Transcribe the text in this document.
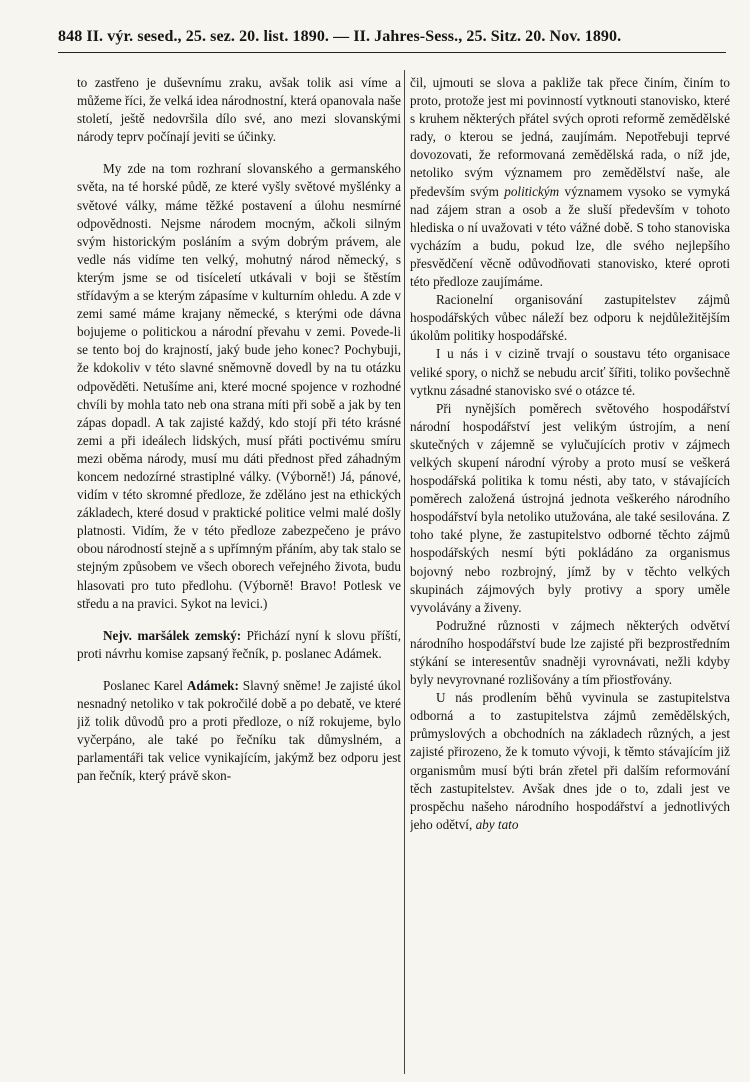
848 II. výr. sesed., 25. sez. 20. list. 1890. — II. Jahres-Sess., 25. Sitz. 20. Nov. 1890.

to zastřeno je duševnímu zraku, avšak tolik asi víme a můžeme říci, že velká idea národnostní, která opanovala naše století, ještě nedovršila dílo své, ano mezi slovanskými národy teprv počínají jeviti se účinky.

My zde na tom rozhraní slovanského a germanského světa, na té horské půdě, ze které vyšly světové myšlénky a světové války, máme těžké postavení a úlohu nesmírné odpovědnosti. Nejsme národem mocným, ačkoli silným svým historickým posláním a svým dobrým právem, ale vedle nás vidíme ten velký, mohutný národ německý, s kterým jsme se od tisíceletí utkávali v boji se štěstím střídavým a se kterým zápasíme v kulturním ohledu. A zde v zemi samé máme krajany německé, s kterými ode dávna bojujeme o politickou a národní převahu v zemi. Povede-li se tento boj do krajností, jaký bude jeho konec? Pochybuji, že kdokoliv v této slavné sněmovně dovedl by na tu otázku odpověděti. Netušíme ani, které mocné spojence v rozhodné chvíli by mohla tato neb ona strana míti při sobě a jak by ten zápas dopadl. A tak zajisté každý, kdo stojí při této krásné zemi a při ideálech lidských, musí přáti poctivému smíru mezi oběma národy, musí mu dáti přednost před záhadným koncem nedozírné strastiplné války. (Výborně!) Já, pánové, vidím v této skromné předloze, že zděláno jest na ethických základech, které dosud v praktické politice velmi malé došly platnosti. Vidím, že v této předloze zabezpečeno je právo obou národností stejně a s upřímným přáním, aby tak stalo se stejným způsobem ve všech oborech veřejného života, budu hlasovati pro tuto předlohu. (Výborně! Bravo! Potlesk ve středu a na pravici. Sykot na levici.)

Nejv. maršálek zemský: Přichází nyní k slovu příští, proti návrhu komise zapsaný řečník, p. poslanec Adámek.

Poslanec Karel Adámek: Slavný sněme! Je zajisté úkol nesnadný netoliko v tak pokročilé době a po debatě, ve které již tolik důvodů pro a proti předloze, o níž rokujeme, bylo vyčerpáno, ale také po řečníku tak důmyslném, a parlamentáři tak velice vynikajícím, jakýmž bez odporu jest pan řečník, který právě skon-

čil, ujmouti se slova a pakliže tak přece činím, činím to proto, protože jest mi povinností vytknouti stanovisko, které s kruhem některých přátel svých oproti reformě zemědělské rady, o kterou se jedná, zaujímám. Nepotřebuji teprvé dovozovati, že reformovaná zemědělská rada, o níž jde, netoliko svým významem pro zemědělství naše, ale především svým politickým významem vysoko se vymyká nad zájem stran a osob a že sluší především v tohoto hlediska o ní uvažovati v této vážné době. S toho stanoviska vycházím a budu, pokud lze, dle svého nejlepšího přesvědčení věcně odůvodňovati stanovisko, které oproti této předloze zaujímáme.

Racionelní organisování zastupitelstev zájmů hospodářských vůbec náleží bez odporu k nejdůležitějším úkolům politiky hospodářské.

I u nás i v cizině trvají o soustavu této organisace veliké spory, o nichž se nebudu arciť šířiti, toliko povšechně vytknu zásadné stanovisko své o otázce té.

Při nynějších poměrech světového hospodářství národní hospodářství jest velikým ústrojím, a není skutečných v zájemně se vylučujících protiv v zájmech velkých skupení národní výroby a proto musí se veškerá hospodářská politika k tomu nésti, aby tato, v stávajících poměrech založená ústrojná jednota veškerého národního hospodářství byla netoliko utužována, ale také sesilována. Z toho také plyne, že zastupitelstvo odborné těchto zájmů hospodářských nesmí býti pokládáno za organismus bojovný nebo rozbrojný, jímž by v těchto velkých skupinách zájmových byly protivy a spory uměle vyvolávány a živeny.

Podružné různosti v zájmech některých odvětví národního hospodářství bude lze zajisté při bezprostředním stýkání se interesentův snadněji vyrovnávati, nežli kdyby byly nevyrovnané rozlišovány a tím přiostřovány.

U nás prodlením běhů vyvinula se zastupitelstva odborná a to zastupitelstva zájmů zemědělských, průmyslových a obchodních na základech různých, a jest zajisté přirozeno, že k tomuto vývoji, k těmto stávajícím již organismům musí býti brán zřetel při dalším reformování těch zastupitelstev. Avšak dnes jde o to, zdali jest ve prospěchu našeho národního hospodářství a jednotlivých jeho odětví, aby tato
